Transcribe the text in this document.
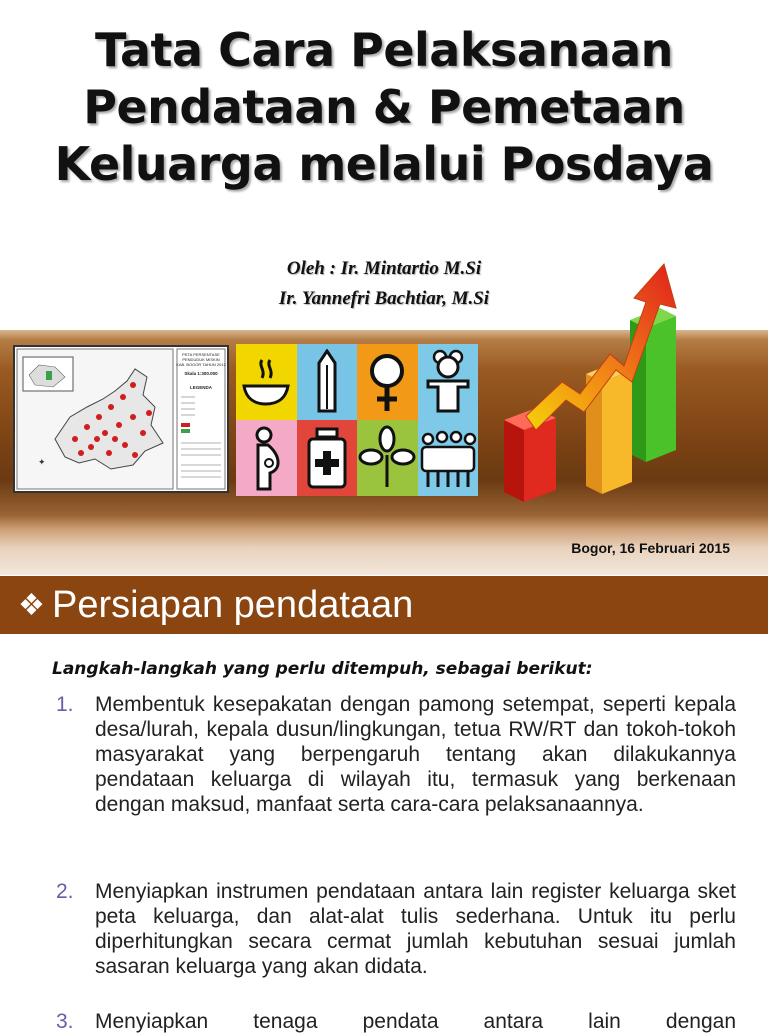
Tata Cara Pelaksanaan
Pendataan & Pemetaan
Keluarga melalui Posdaya
Oleh : Ir. Mintartio M.Si
Ir. Yannefri Bachtiar, M.Si
✦
PETA PERSENTASE
PENDUDUK MISKIN
KAB. BOGOR TAHUN 2012
Skala 1:300.000
LEGENDA
Bogor, 16 Februari 2015
❖ Persiapan pendataan
Langkah-langkah yang perlu ditempuh, sebagai berikut:
1. Membentuk kesepakatan dengan pamong setempat, seperti kepala desa/lurah, kepala dusun/lingkungan, tetua RW/RT dan tokoh-tokoh masyarakat yang berpengaruh tentang akan dilakukannya pendataan keluarga di wilayah itu, termasuk yang berkenaan dengan maksud, manfaat serta cara-cara pelaksanaannya.
2. Menyiapkan instrumen pendataan antara lain register keluarga sket peta keluarga, dan alat-alat tulis sederhana. Untuk itu perlu diperhitungkan secara cermat jumlah kebutuhan sesuai jumlah sasaran keluarga yang akan didata.
3. Menyiapkan tenaga pendata antara lain dengan
